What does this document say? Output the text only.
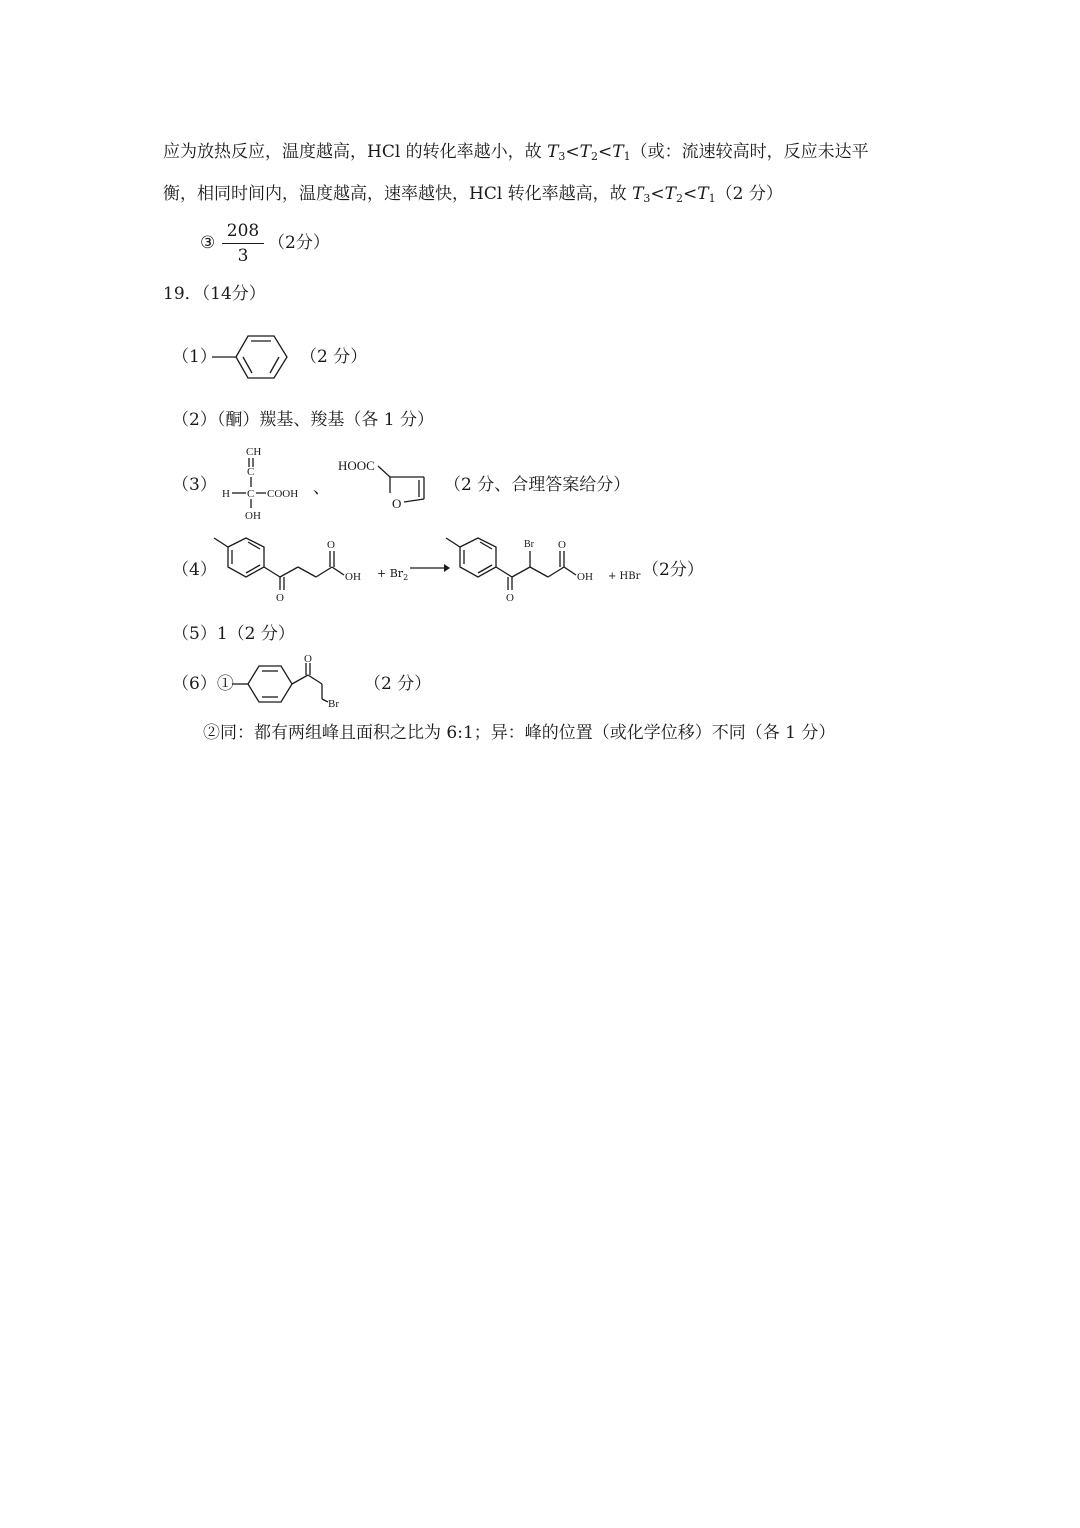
应为放热反应，温度越高，HCl 的转化率越小，故 $T_3<T_2<T_1$（或：流速较高时，反应未达平
衡，相同时间内，温度越高，速率越快，HCl 转化率越高，故 $T_3<T_2<T_1(2$ 分）
③
208
3
（2分）
19．（14分）
（1）	（2 分）
（2）（酮）羰基、羧基（各 1 分）
（3）
CH
C
H C COOH
OH
、
HOOC
O
（2 分、合理答案给分）
（4）
O
O
OH + $Br_2$
O
Br O
OH + HBr （2分）
（5）1（2 分）
（6）①
O
Br
（2 分）
②同：都有两组峰且面积之比为 6:1；异：峰的位置（或化学位移）不同（各 1 分）
